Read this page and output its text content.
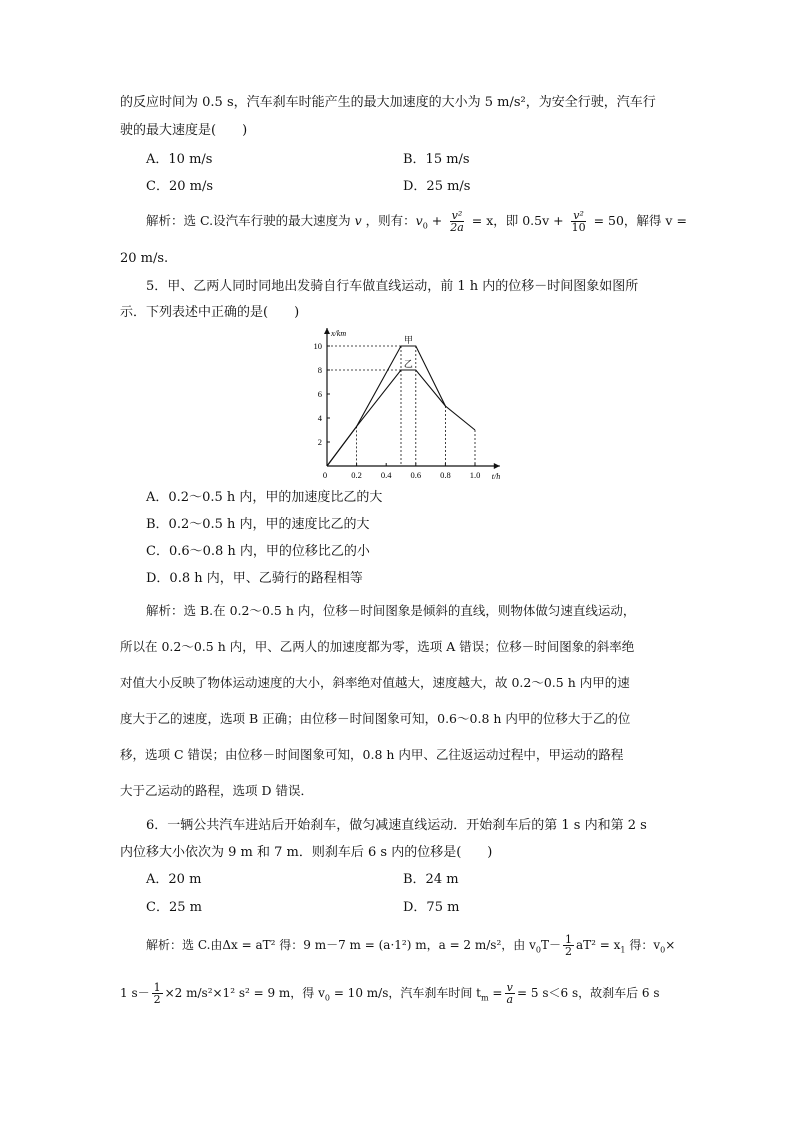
的反应时间为 0.5 s，汽车刹车时能产生的最大加速度的大小为 5 m/s²，为安全行驶，汽车行
驶的最大速度是(　　)
A．10 m/s	B．15 m/s
C．20 m/s	D．25 m/s
解析：选 C.设汽车行驶的最大速度为 v ，则有：$v_0 + \frac{\text{v²}}{2a} = x$，即 $0.5v + \frac{\text{v²}}{10} = 50$，解得 v =
20 m/s.
5．甲、乙两人同时同地出发骑自行车做直线运动，前 1 h 内的位移－时间图象如图所
示．下列表述中正确的是(　　)
0	0.2 0.4 0.6 0.8 1.0
2
4
6
8
10
x/km
t/h
甲
乙
A．0.2～0.5 h 内，甲的加速度比乙的大
B．0.2～0.5 h 内，甲的速度比乙的大
C．0.6～0.8 h 内，甲的位移比乙的小
D．0.8 h 内，甲、乙骑行的路程相等
解析：选 B.在 0.2～0.5 h 内，位移－时间图象是倾斜的直线，则物体做匀速直线运动，
所以在 0.2～0.5 h 内，甲、乙两人的加速度都为零，选项 A 错误；位移－时间图象的斜率绝
对值大小反映了物体运动速度的大小，斜率绝对值越大，速度越大，故 0.2～0.5 h 内甲的速
度大于乙的速度，选项 B 正确；由位移－时间图象可知，0.6～0.8 h 内甲的位移大于乙的位
移，选项 C 错误；由位移－时间图象可知，0.8 h 内甲、乙往返运动过程中，甲运动的路程
大于乙运动的路程，选项 D 错误．
6．一辆公共汽车进站后开始刹车，做匀减速直线运动．开始刹车后的第 1 s 内和第 2 s
内位移大小依次为 9 m 和 7 m．则刹车后 6 s 内的位移是(　　)
A．20 m	B．24 m
C．25 m	D．75 m
解析：选 C.由Δx = aT² 得：9 m－7 m = (a·1²) m，a = 2 m/s²，由 $v_0T- \frac{1}{2} aT^2 = x_1$ 得：$v_0\times$
1 $s- \frac{1}{2} \times 2$ m/s²×1² s² = 9 m，得 $v_0 = 10$ m/s，汽车刹车时间 $t_m = \frac{v}{a} = 5$ s＜6 s，故刹车后 6 s
